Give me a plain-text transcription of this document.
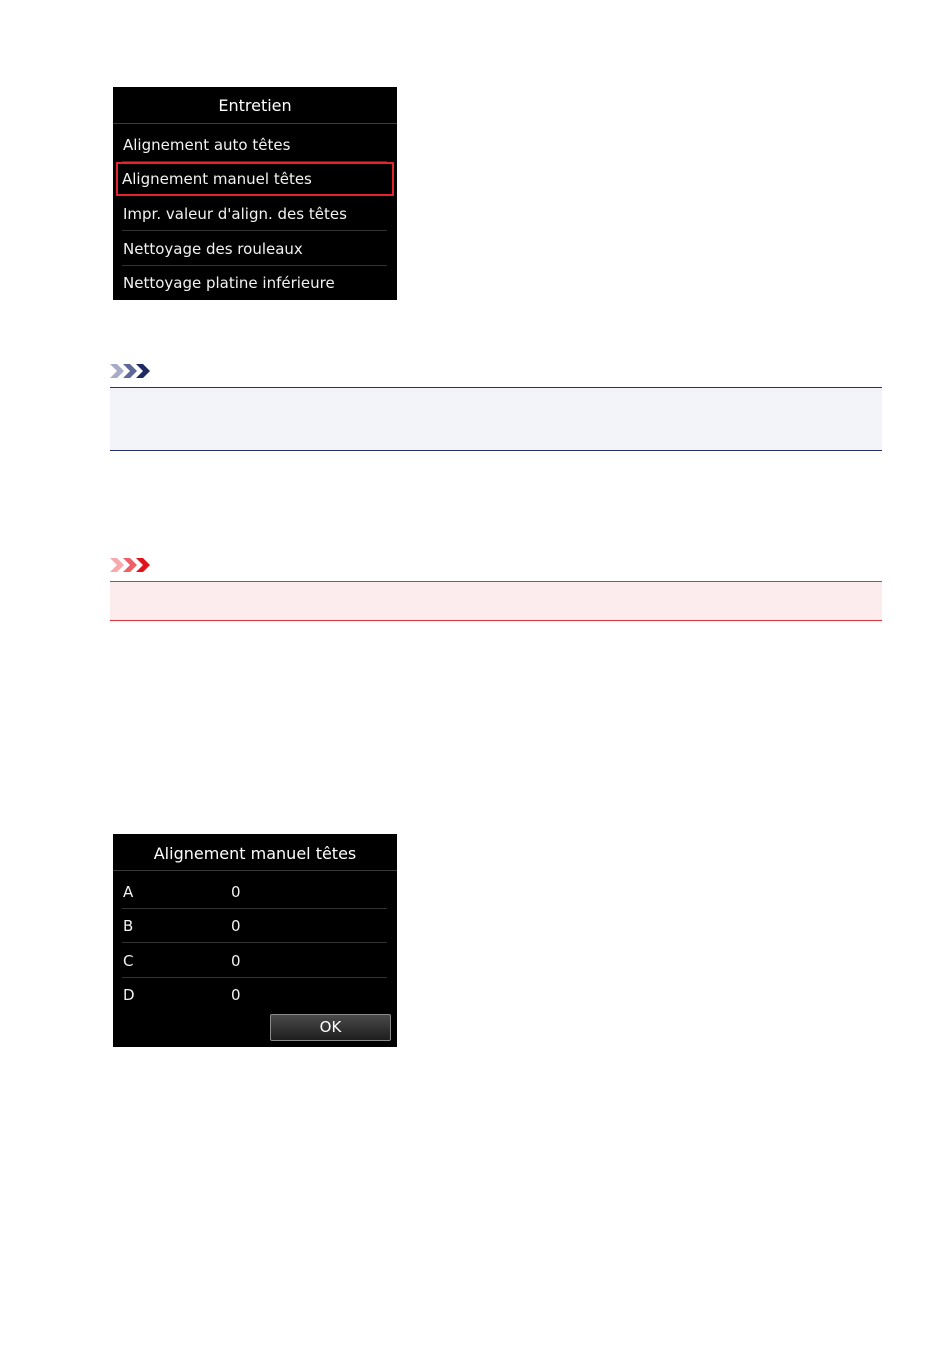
Entretien
Alignement auto têtes
Alignement manuel têtes
Impr. valeur d'align. des têtes
Nettoyage des rouleaux
Nettoyage platine inférieure
Alignement manuel têtes
A	0
B	0
C	0
D	0
OK
